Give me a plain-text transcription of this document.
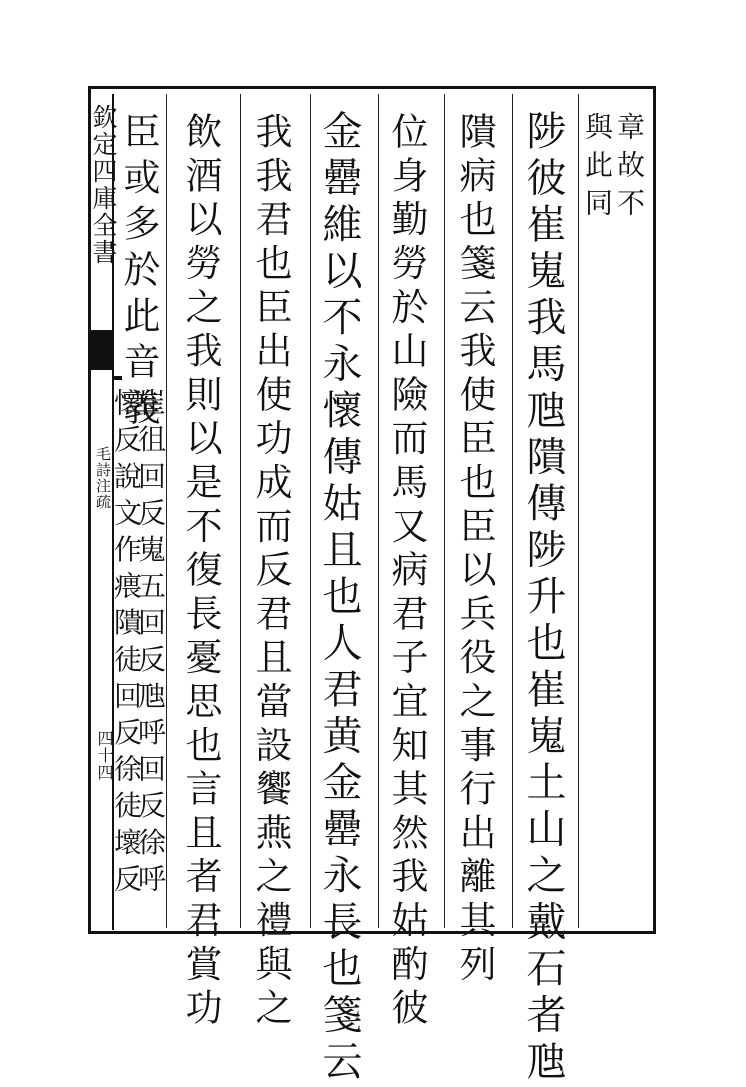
欽定四庫全書
毛詩注疏
四十四
章故不
與此同
陟彼崔嵬我馬虺隤傳陟升也崔嵬土山之戴石者虺
隤病也箋云我使臣也臣以兵役之事行出離其列
位身勤勞於山險而馬又病君子宜知其然我姑酌彼
金罍維以不永懷傳姑且也人君黄金罍永長也箋云
我我君也臣出使功成而反君且當設饗燕之禮與之
飲酒以勞之我則以是不復長憂思也言且者君賞功
臣或多於此音義
崔徂回反嵬五回反虺呼回反徐呼
懷反說文作㾯隤徒回反徐徒壞反
